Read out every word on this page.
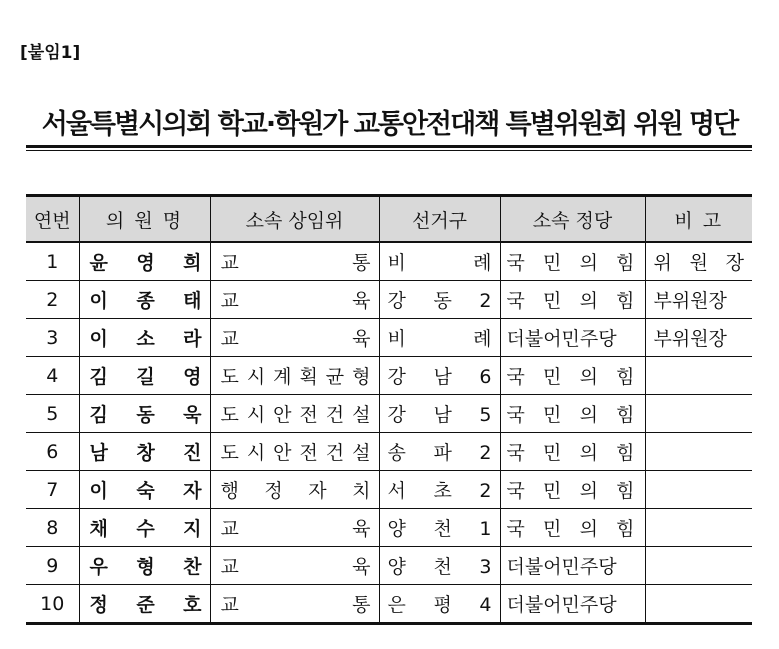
[붙임1]
서울특별시의회 학교·학원가 교통안전대책 특별위원회 위원 명단
연번	의 원 명	소속 상임위	선거구	소속 정당	비 고
1	윤 영 희	교 통	비 례	국 민 의 힘	위 원 장
2	이 종 태	교 육	강 동 2	국 민 의 힘	부위원장
3	이 소 라	교 육	비 례	더불어민주당	부위원장
4	김 길 영	도 시 계 획 균 형	강 남 6	국 민 의 힘	
5	김 동 욱	도 시 안 전 건 설	강 남 5	국 민 의 힘	
6	남 창 진	도 시 안 전 건 설	송 파 2	국 민 의 힘	
7	이 숙 자	행 정 자 치	서 초 2	국 민 의 힘	
8	채 수 지	교 육	양 천 1	국 민 의 힘	
9	우 형 찬	교 육	양 천 3	더불어민주당	
10	정 준 호	교 통	은 평 4	더불어민주당	
